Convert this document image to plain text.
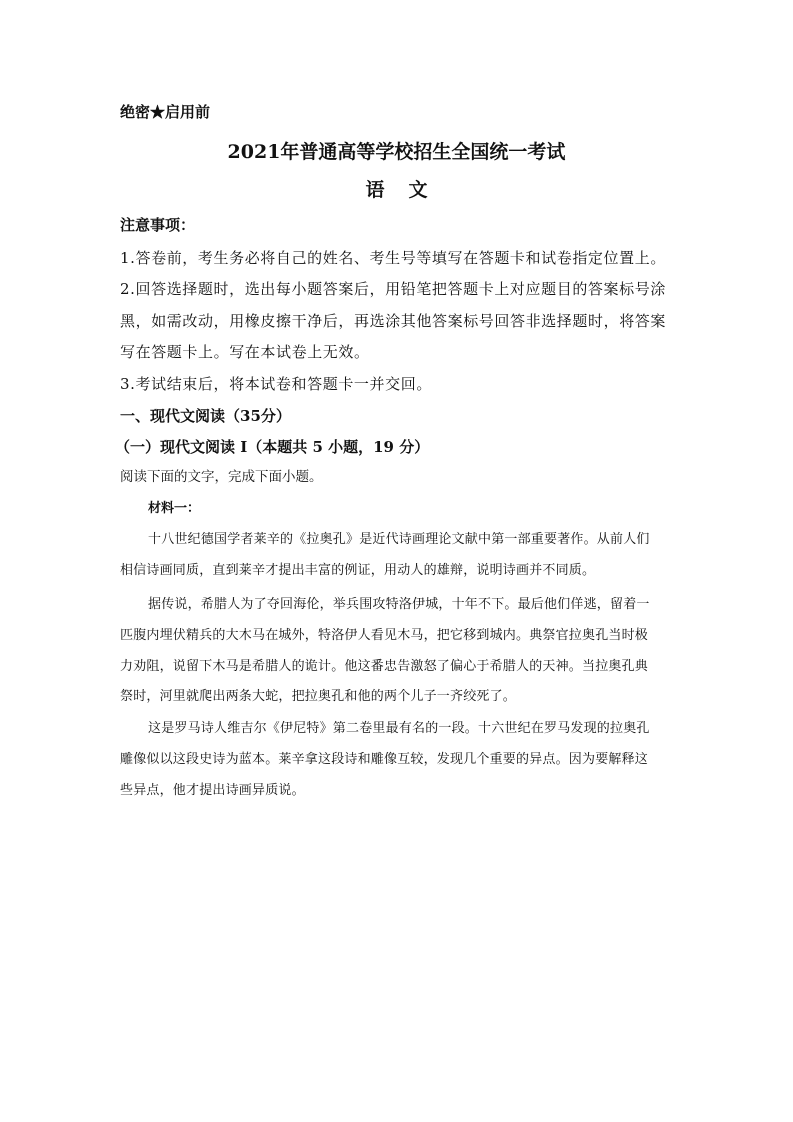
绝密★启用前
2021年普通高等学校招生全国统一考试
语文
注意事项：
1.答卷前，考生务必将自己的姓名、考生号等填写在答题卡和试卷指定位置上。
2.回答选择题时，选出每小题答案后，用铅笔把答题卡上对应题目的答案标号涂
黑，如需改动，用橡皮擦干净后，再选涂其他答案标号回答非选择题时，将答案
写在答题卡上。写在本试卷上无效。
3.考试结束后，将本试卷和答题卡一并交回。
一、现代文阅读（35分）
（一）现代文阅读 I（本题共 5 小题，19 分）
阅读下面的文字，完成下面小题。
材料一：
十八世纪德国学者莱辛的《拉奥孔》是近代诗画理论文献中第一部重要著作。从前人们
相信诗画同质，直到莱辛才提出丰富的例证，用动人的雄辩，说明诗画并不同质。
据传说，希腊人为了夺回海伦，举兵围攻特洛伊城，十年不下。最后他们佯逃，留着一
匹腹内埋伏精兵的大木马在城外，特洛伊人看见木马，把它移到城内。典祭官拉奥孔当时极
力劝阻，说留下木马是希腊人的诡计。他这番忠告激怒了偏心于希腊人的天神。当拉奥孔典
祭时，河里就爬出两条大蛇，把拉奥孔和他的两个儿子一齐绞死了。
这是罗马诗人维吉尔《伊尼特》第二卷里最有名的一段。十六世纪在罗马发现的拉奥孔
雕像似以这段史诗为蓝本。莱辛拿这段诗和雕像互较，发现几个重要的异点。因为要解释这
些异点，他才提出诗画异质说。
